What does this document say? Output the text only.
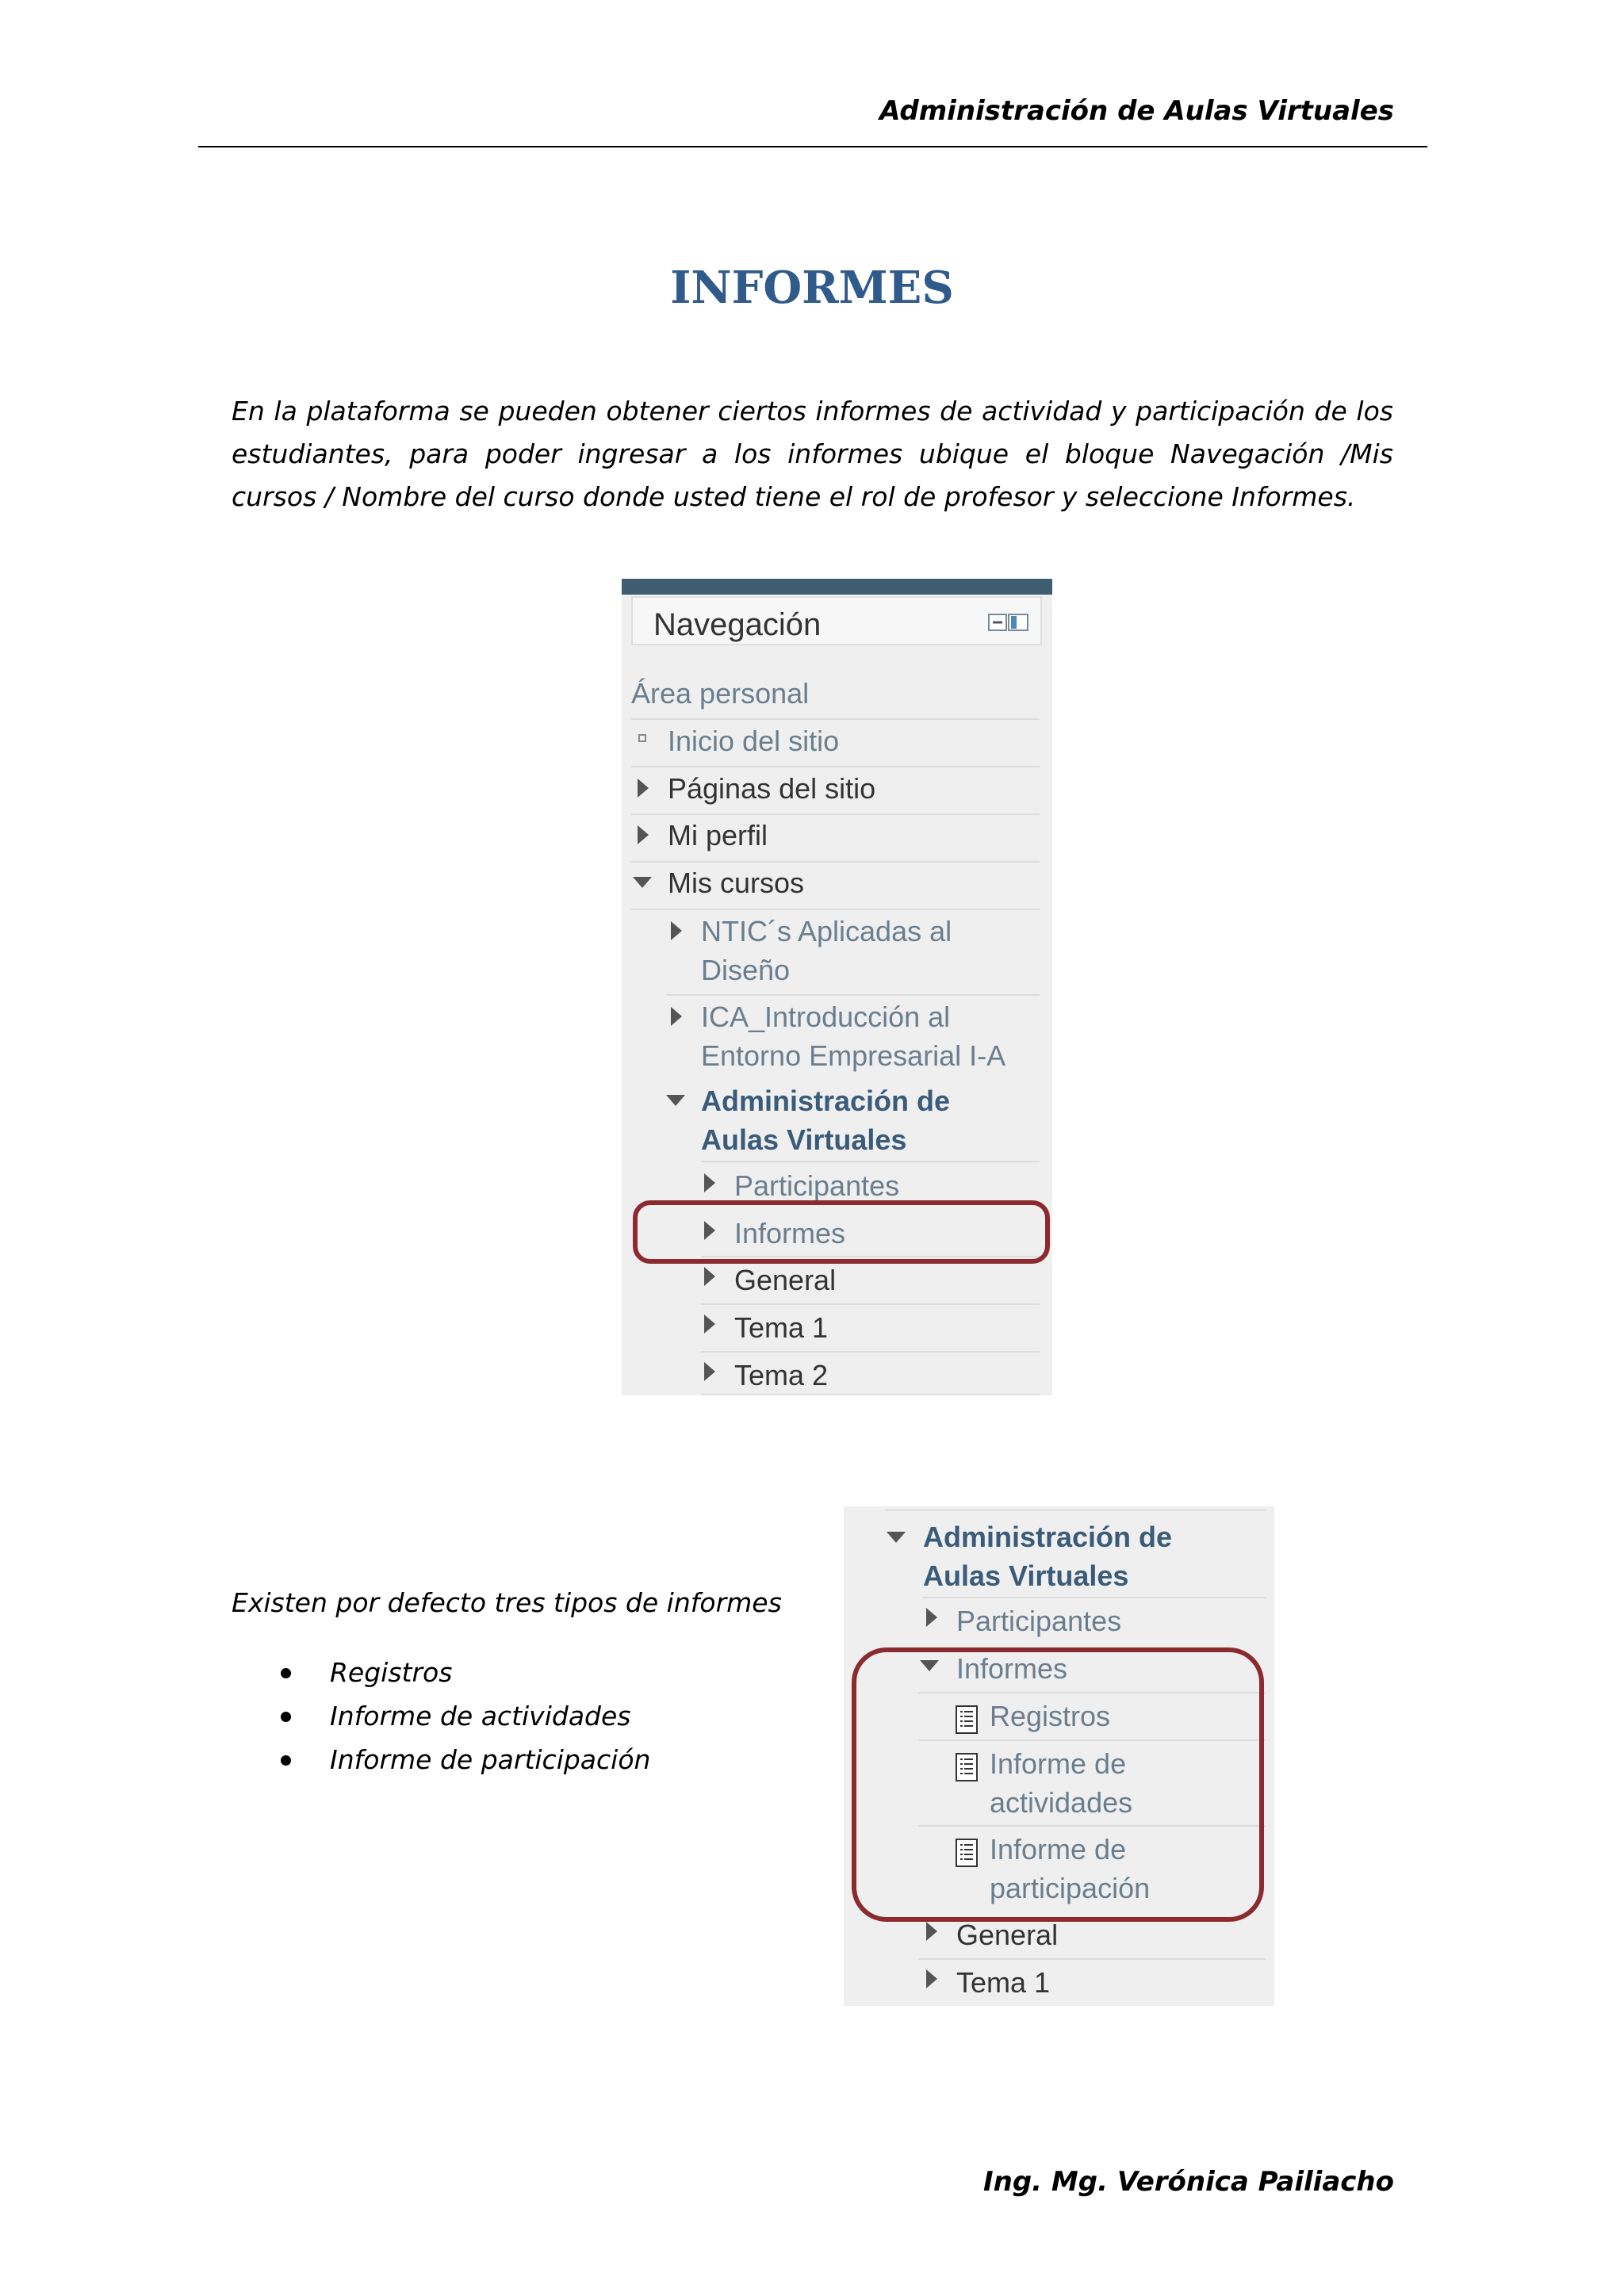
Administración de Aulas Virtuales
INFORMES

En la plataforma se pueden obtener ciertos informes de actividad y participación de los estudiantes, para poder ingresar a los informes ubique el bloque Navegación /Mis cursos / Nombre del curso donde usted tiene el rol de profesor y seleccione Informes.

Navegación
Área personal
Inicio del sitio
Páginas del sitio
Mi perfil
Mis cursos
NTIC´s Aplicadas al
Diseño
ICA_Introducción al
Entorno Empresarial I-A
Administración de
Aulas Virtuales
Participantes
Informes
General
Tema 1
Tema 2
Administración de
Aulas Virtuales
Participantes
Informes
Registros
Informe de
actividades
Informe de
participación
General
Tema 1
Existen por defecto tres tipos de informes
Registros
Informe de actividades
Informe de participación
Ing. Mg. Verónica Pailiacho
